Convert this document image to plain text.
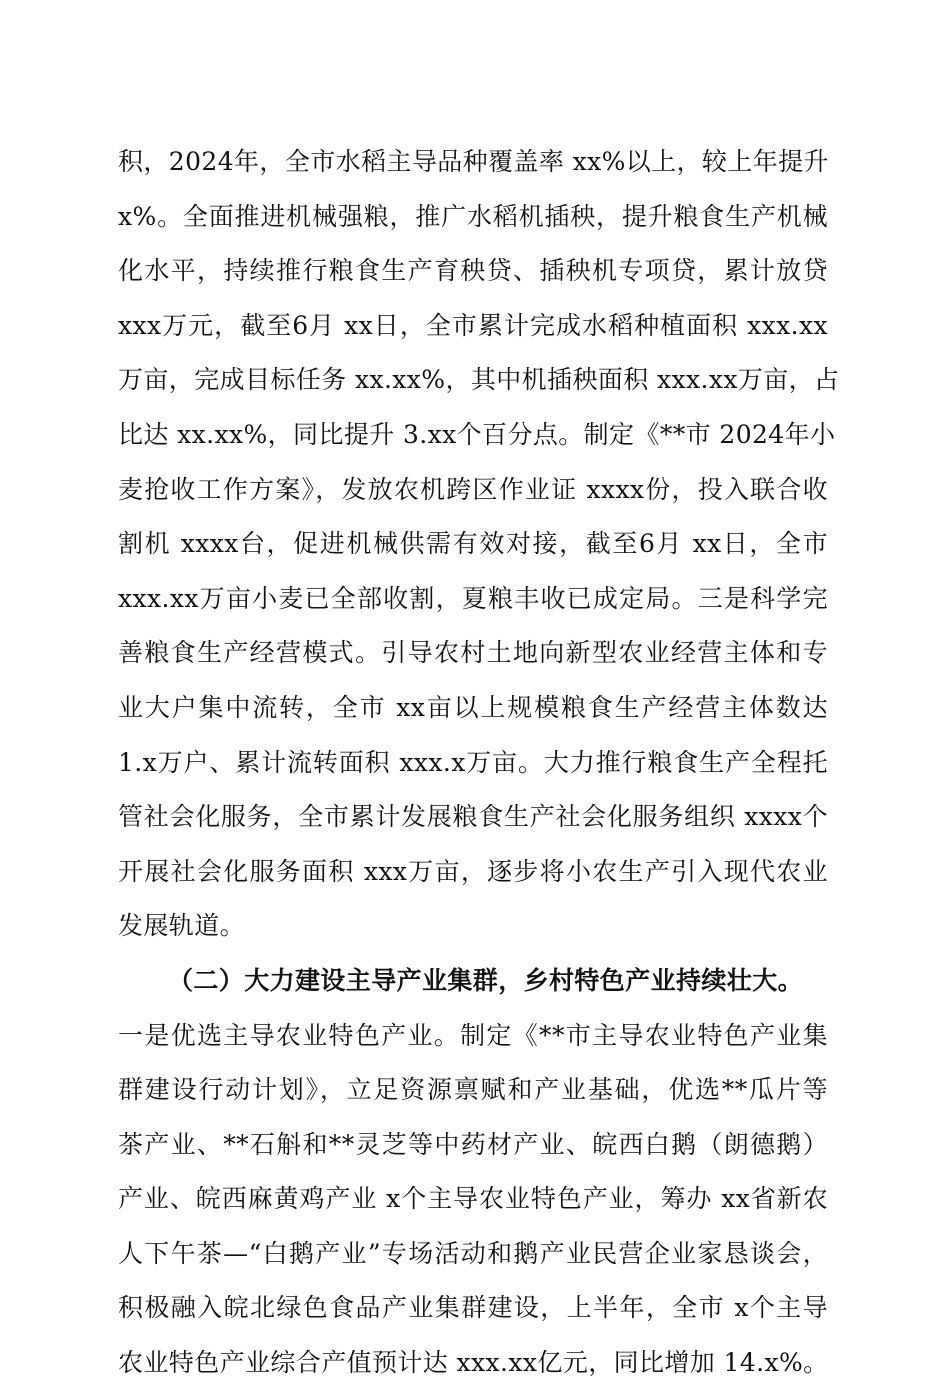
积，2024年，全市水稻主导品种覆盖率 xx%以上，较上年提升
x%。全面推进机械强粮，推广水稻机插秧，提升粮食生产机械
化水平，持续推行粮食生产育秧贷、插秧机专项贷，累计放贷
xxx万元，截至6月 xx日，全市累计完成水稻种植面积 xxx.xx
万亩，完成目标任务 xx.xx%，其中机插秧面积 xxx.xx万亩，占
比达 xx.xx%，同比提升 3.xx个百分点。制定《**市 2024年小
麦抢收工作方案》，发放农机跨区作业证 xxxx份，投入联合收
割机 xxxx台，促进机械供需有效对接，截至6月 xx日，全市
xxx.xx万亩小麦已全部收割，夏粮丰收已成定局。三是科学完
善粮食生产经营模式。引导农村土地向新型农业经营主体和专
业大户集中流转，全市 xx亩以上规模粮食生产经营主体数达
1.x万户、累计流转面积 xxx.x万亩。大力推行粮食生产全程托
管社会化服务，全市累计发展粮食生产社会化服务组织 xxxx个
开展社会化服务面积 xxx万亩，逐步将小农生产引入现代农业
发展轨道。
（二）大力建设主导产业集群，乡村特色产业持续壮大。
一是优选主导农业特色产业。制定《**市主导农业特色产业集
群建设行动计划》，立足资源禀赋和产业基础，优选**瓜片等
茶产业、**石斛和**灵芝等中药材产业、皖西白鹅（朗德鹅）
产业、皖西麻黄鸡产业 x个主导农业特色产业，筹办 xx省新农
人下午茶—“白鹅产业”专场活动和鹅产业民营企业家恳谈会，
积极融入皖北绿色食品产业集群建设，上半年，全市 x个主导
农业特色产业综合产值预计达 xxx.xx亿元，同比增加 14.x%。
